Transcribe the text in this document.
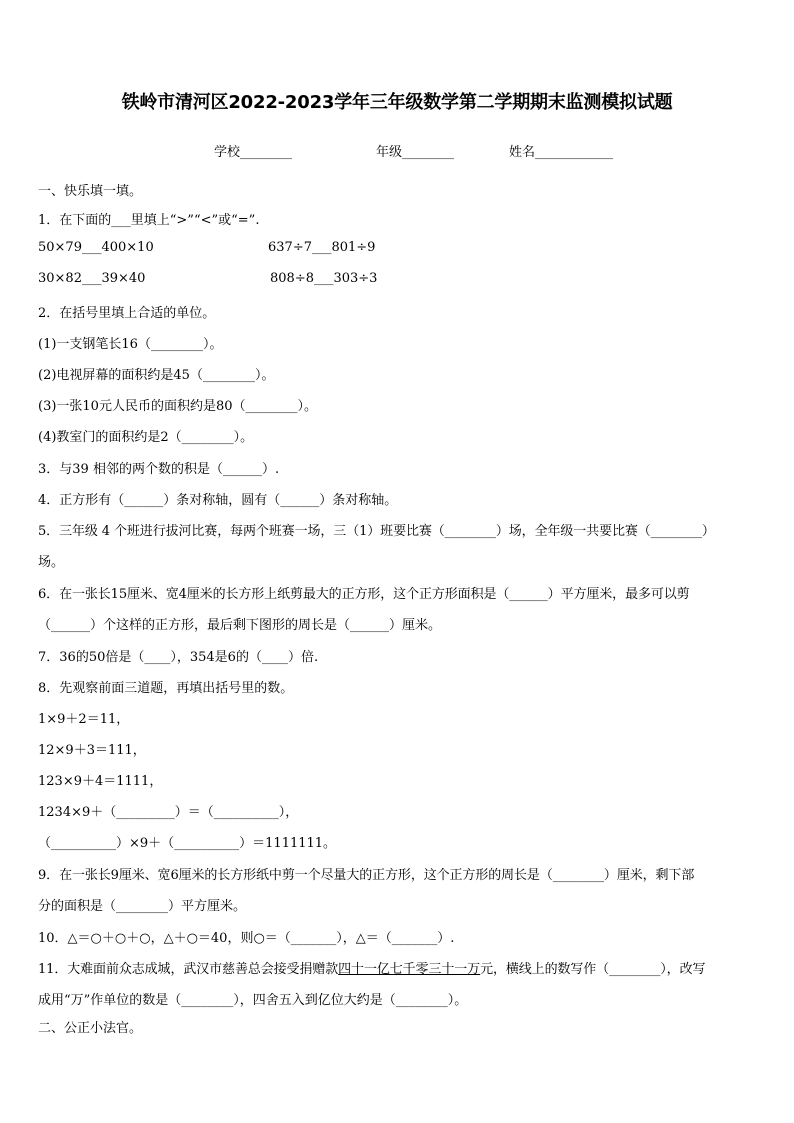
铁岭市清河区2022-2023学年三年级数学第二学期期末监测模拟试题
学校________	年级________	姓名____________
一、快乐填一填。
1．在下面的___里填上“>”“<”或“=”.
50×79___400×10	637÷7___801÷9
30×82___39×40	808÷8___303÷3
2．在括号里填上合适的单位。
(1)一支钢笔长16（________）。
(2)电视屏幕的面积约是45（________）。
(3)一张10元人民币的面积约是80（________）。
(4)教室门的面积约是2（________）。
3．与39 相邻的两个数的积是（______）.
4．正方形有（______）条对称轴，圆有（______）条对称轴。
5．三年级 4 个班进行拔河比赛，每两个班赛一场，三（1）班要比赛（________）场，全年级一共要比赛（________）
场。
6．在一张长15厘米、宽4厘米的长方形上纸剪最大的正方形，这个正方形面积是（______）平方厘米，最多可以剪
（______）个这样的正方形，最后剩下图形的周长是（______）厘米。
7．36的50倍是（____），354是6的（____）倍.
8．先观察前面三道题，再填出括号里的数。
1×9＋2＝11，
12×9＋3＝111，
123×9＋4＝1111，
1234×9＋（_________）＝（__________），
（__________）×9＋（__________）＝1111111。
9．在一张长9厘米、宽6厘米的长方形纸中剪一个尽量大的正方形，这个正方形的周长是（________）厘米，剩下部
分的面积是（________）平方厘米。
10．△＝○＋○＋○，△＋○＝40，则○＝（_______），△＝（_______）.
11．大难面前众志成城，武汉市慈善总会接受捐赠款四十一亿七千零三十一万元，横线上的数写作（________），改写
成用“万”作单位的数是（________），四舍五入到亿位大约是（________）。
二、公正小法官。
